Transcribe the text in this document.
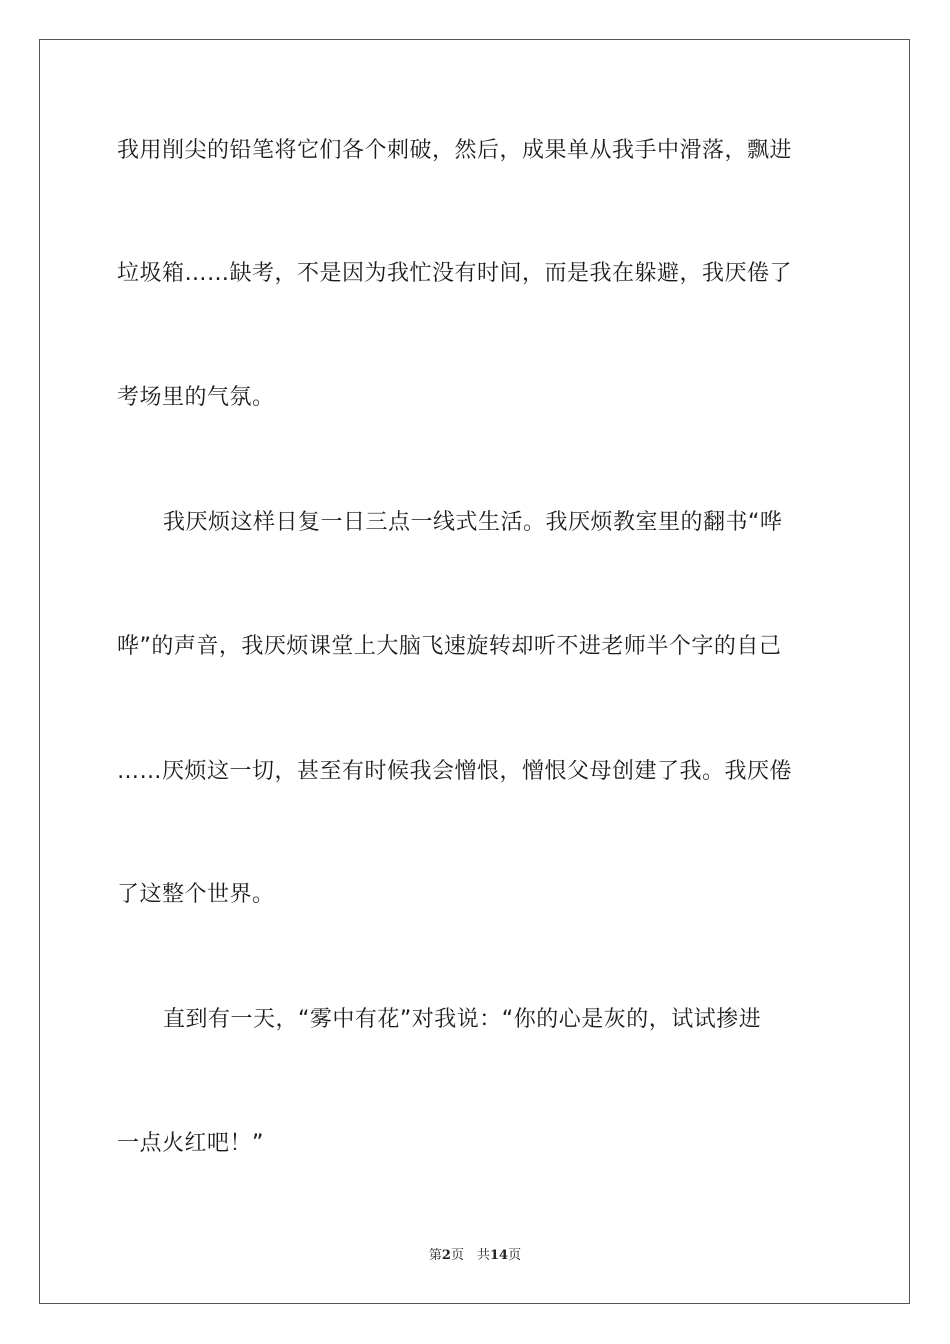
我用削尖的铅笔将它们各个刺破，然后，成果单从我手中滑落，飘进
垃圾箱……缺考，不是因为我忙没有时间，而是我在躲避，我厌倦了
考场里的气氛。
我厌烦这样日复一日三点一线式生活。我厌烦教室里的翻书“哗
哗”的声音，我厌烦课堂上大脑飞速旋转却听不进老师半个字的自己
……厌烦这一切，甚至有时候我会憎恨，憎恨父母创建了我。我厌倦
了这整个世界。
直到有一天，“雾中有花”对我说：“你的心是灰的，试试掺进
一点火红吧！”
第2页　共14页
